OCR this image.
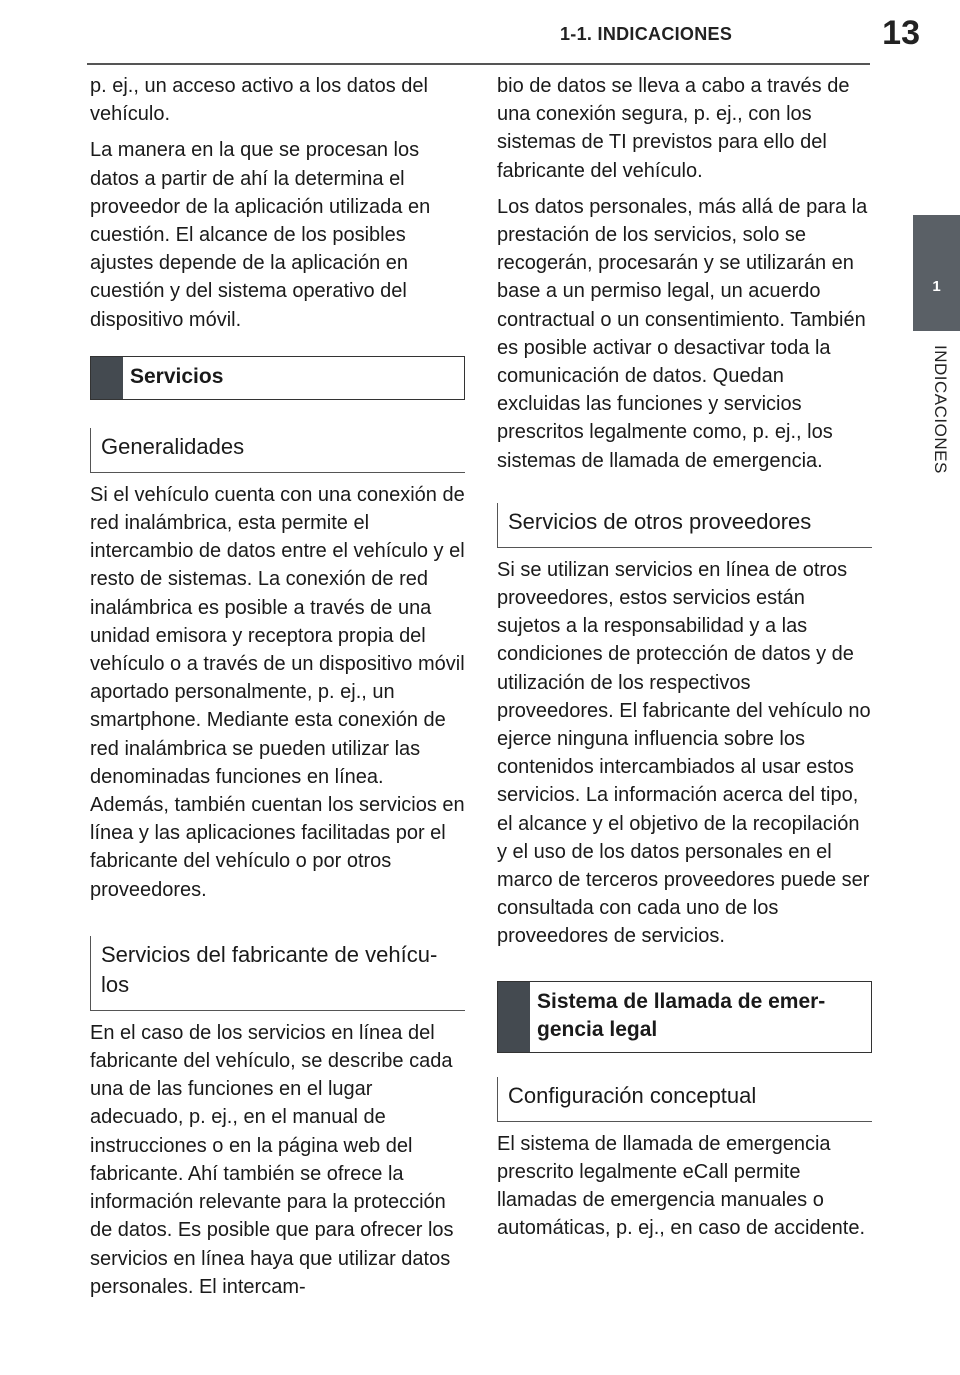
1-1. INDICACIONES	13
1
INDICACIONES

p. ej., un acceso activo a los datos del vehículo.

La manera en la que se procesan los datos a partir de ahí la determina el proveedor de la aplicación utilizada en cuestión. El alcance de los posibles ajustes depende de la aplicación en cuestión y del sistema operativo del dispositivo móvil.

Servicios
Generalidades

Si el vehículo cuenta con una conexión de red inalámbrica, esta permite el intercambio de datos entre el vehículo y el resto de sistemas. La conexión de red inalámbrica es posible a través de una unidad emisora y receptora propia del vehículo o a través de un dispositivo móvil aportado personalmente, p. ej., un smartphone. Mediante esta conexión de red inalámbrica se pueden utilizar las denominadas funciones en línea. Además, también cuentan los servicios en línea y las aplicaciones facilitadas por el fabricante del vehículo o por otros proveedores.

Servicios del fabricante de vehícu-los

En el caso de los servicios en línea del fabricante del vehículo, se describe cada una de las funciones en el lugar adecuado, p. ej., en el manual de instrucciones o en la página web del fabricante. Ahí también se ofrece la información relevante para la protección de datos. Es posible que para ofrecer los servicios en línea haya que utilizar datos personales. El intercam-

bio de datos se lleva a cabo a través de una conexión segura, p. ej., con los sistemas de TI previstos para ello del fabricante del vehículo.

Los datos personales, más allá de para la prestación de los servicios, solo se recogerán, procesarán y se utilizarán en base a un permiso legal, un acuerdo contractual o un consentimiento. También es posible activar o desactivar toda la comunicación de datos. Quedan excluidas las funciones y servicios prescritos legalmente como, p. ej., los sistemas de llamada de emergencia.

Servicios de otros proveedores

Si se utilizan servicios en línea de otros proveedores, estos servicios están sujetos a la responsabilidad y a las condiciones de protección de datos y de utilización de los respectivos proveedores. El fabricante del vehículo no ejerce ninguna influencia sobre los contenidos intercambiados al usar estos servicios. La información acerca del tipo, el alcance y el objetivo de la recopilación y el uso de los datos personales en el marco de terceros proveedores puede ser consultada con cada uno de los proveedores de servicios.

Sistema de llamada de emer-gencia legal
Configuración conceptual

El sistema de llamada de emergencia prescrito legalmente eCall permite llamadas de emergencia manuales o automáticas, p. ej., en caso de accidente.
